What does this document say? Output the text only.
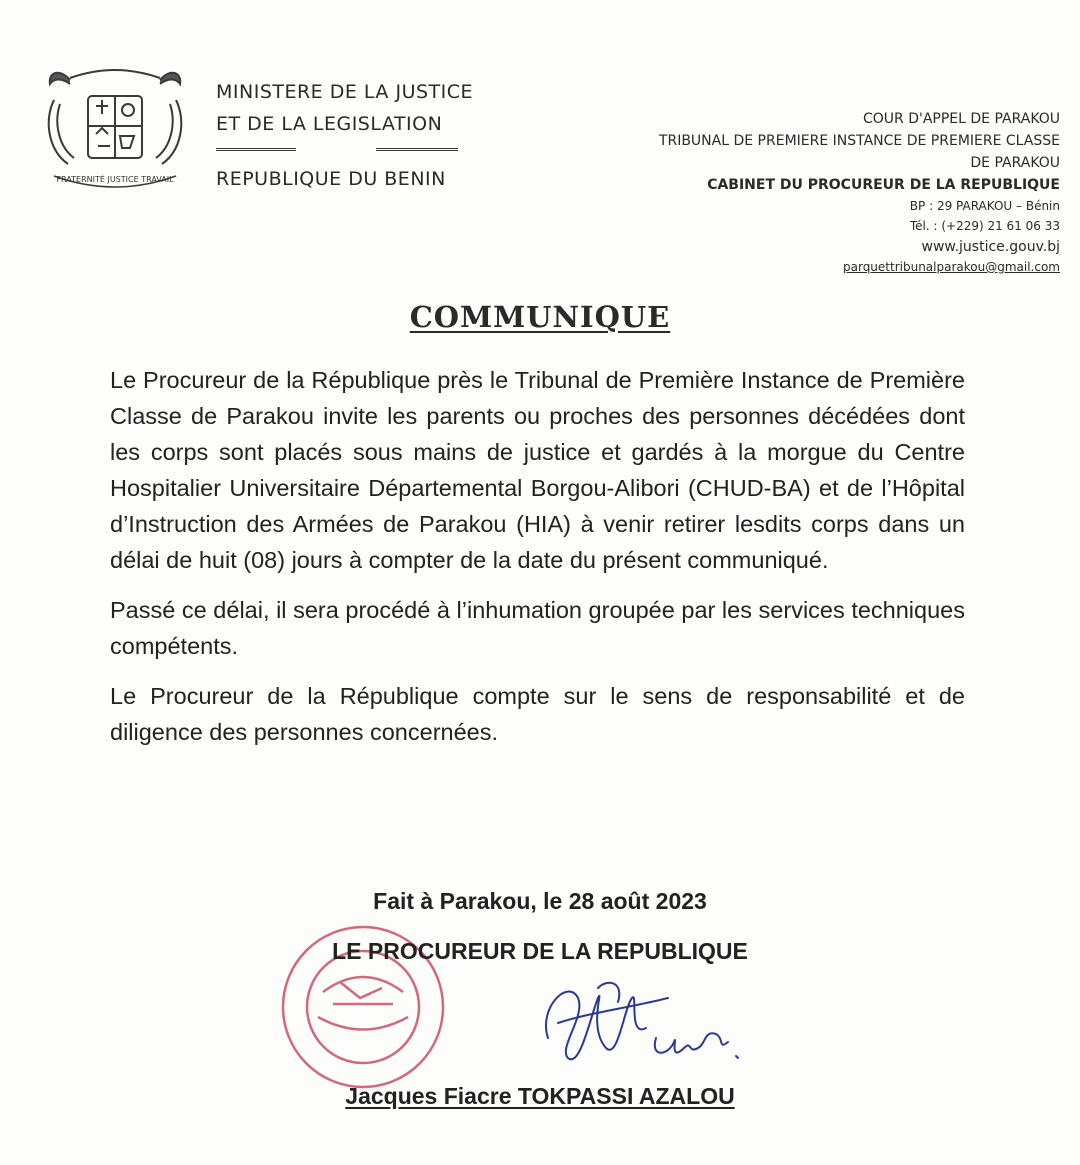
FRATERNITÉ JUSTICE TRAVAIL
MINISTERE DE LA JUSTICE
ET DE LA LEGISLATION
REPUBLIQUE DU BENIN
COUR D'APPEL DE PARAKOU
TRIBUNAL DE PREMIERE INSTANCE DE PREMIERE CLASSE
DE PARAKOU
CABINET DU PROCUREUR DE LA REPUBLIQUE
BP : 29 PARAKOU – Bénin
Tél. : (+229) 21 61 06 33
www.justice.gouv.bj
parquettribunalparakou@gmail.com
COMMUNIQUE

Le Procureur de la République près le Tribunal de Première Instance de Première Classe de Parakou invite les parents ou proches des personnes décédées dont les corps sont placés sous mains de justice et gardés à la morgue du Centre Hospitalier Universitaire Départemental Borgou-Alibori (CHUD-BA) et de l’Hôpital d’Instruction des Armées de Parakou (HIA) à venir retirer lesdits corps dans un délai de huit (08) jours à compter de la date du présent communiqué.

Passé ce délai, il sera procédé à l’inhumation groupée par les services techniques compétents.

Le Procureur de la République compte sur le sens de responsabilité et de diligence des personnes concernées.

Fait à Parakou, le 28 août 2023
LE PROCUREUR DE LA REPUBLIQUE
Jacques Fiacre TOKPASSI AZALOU
